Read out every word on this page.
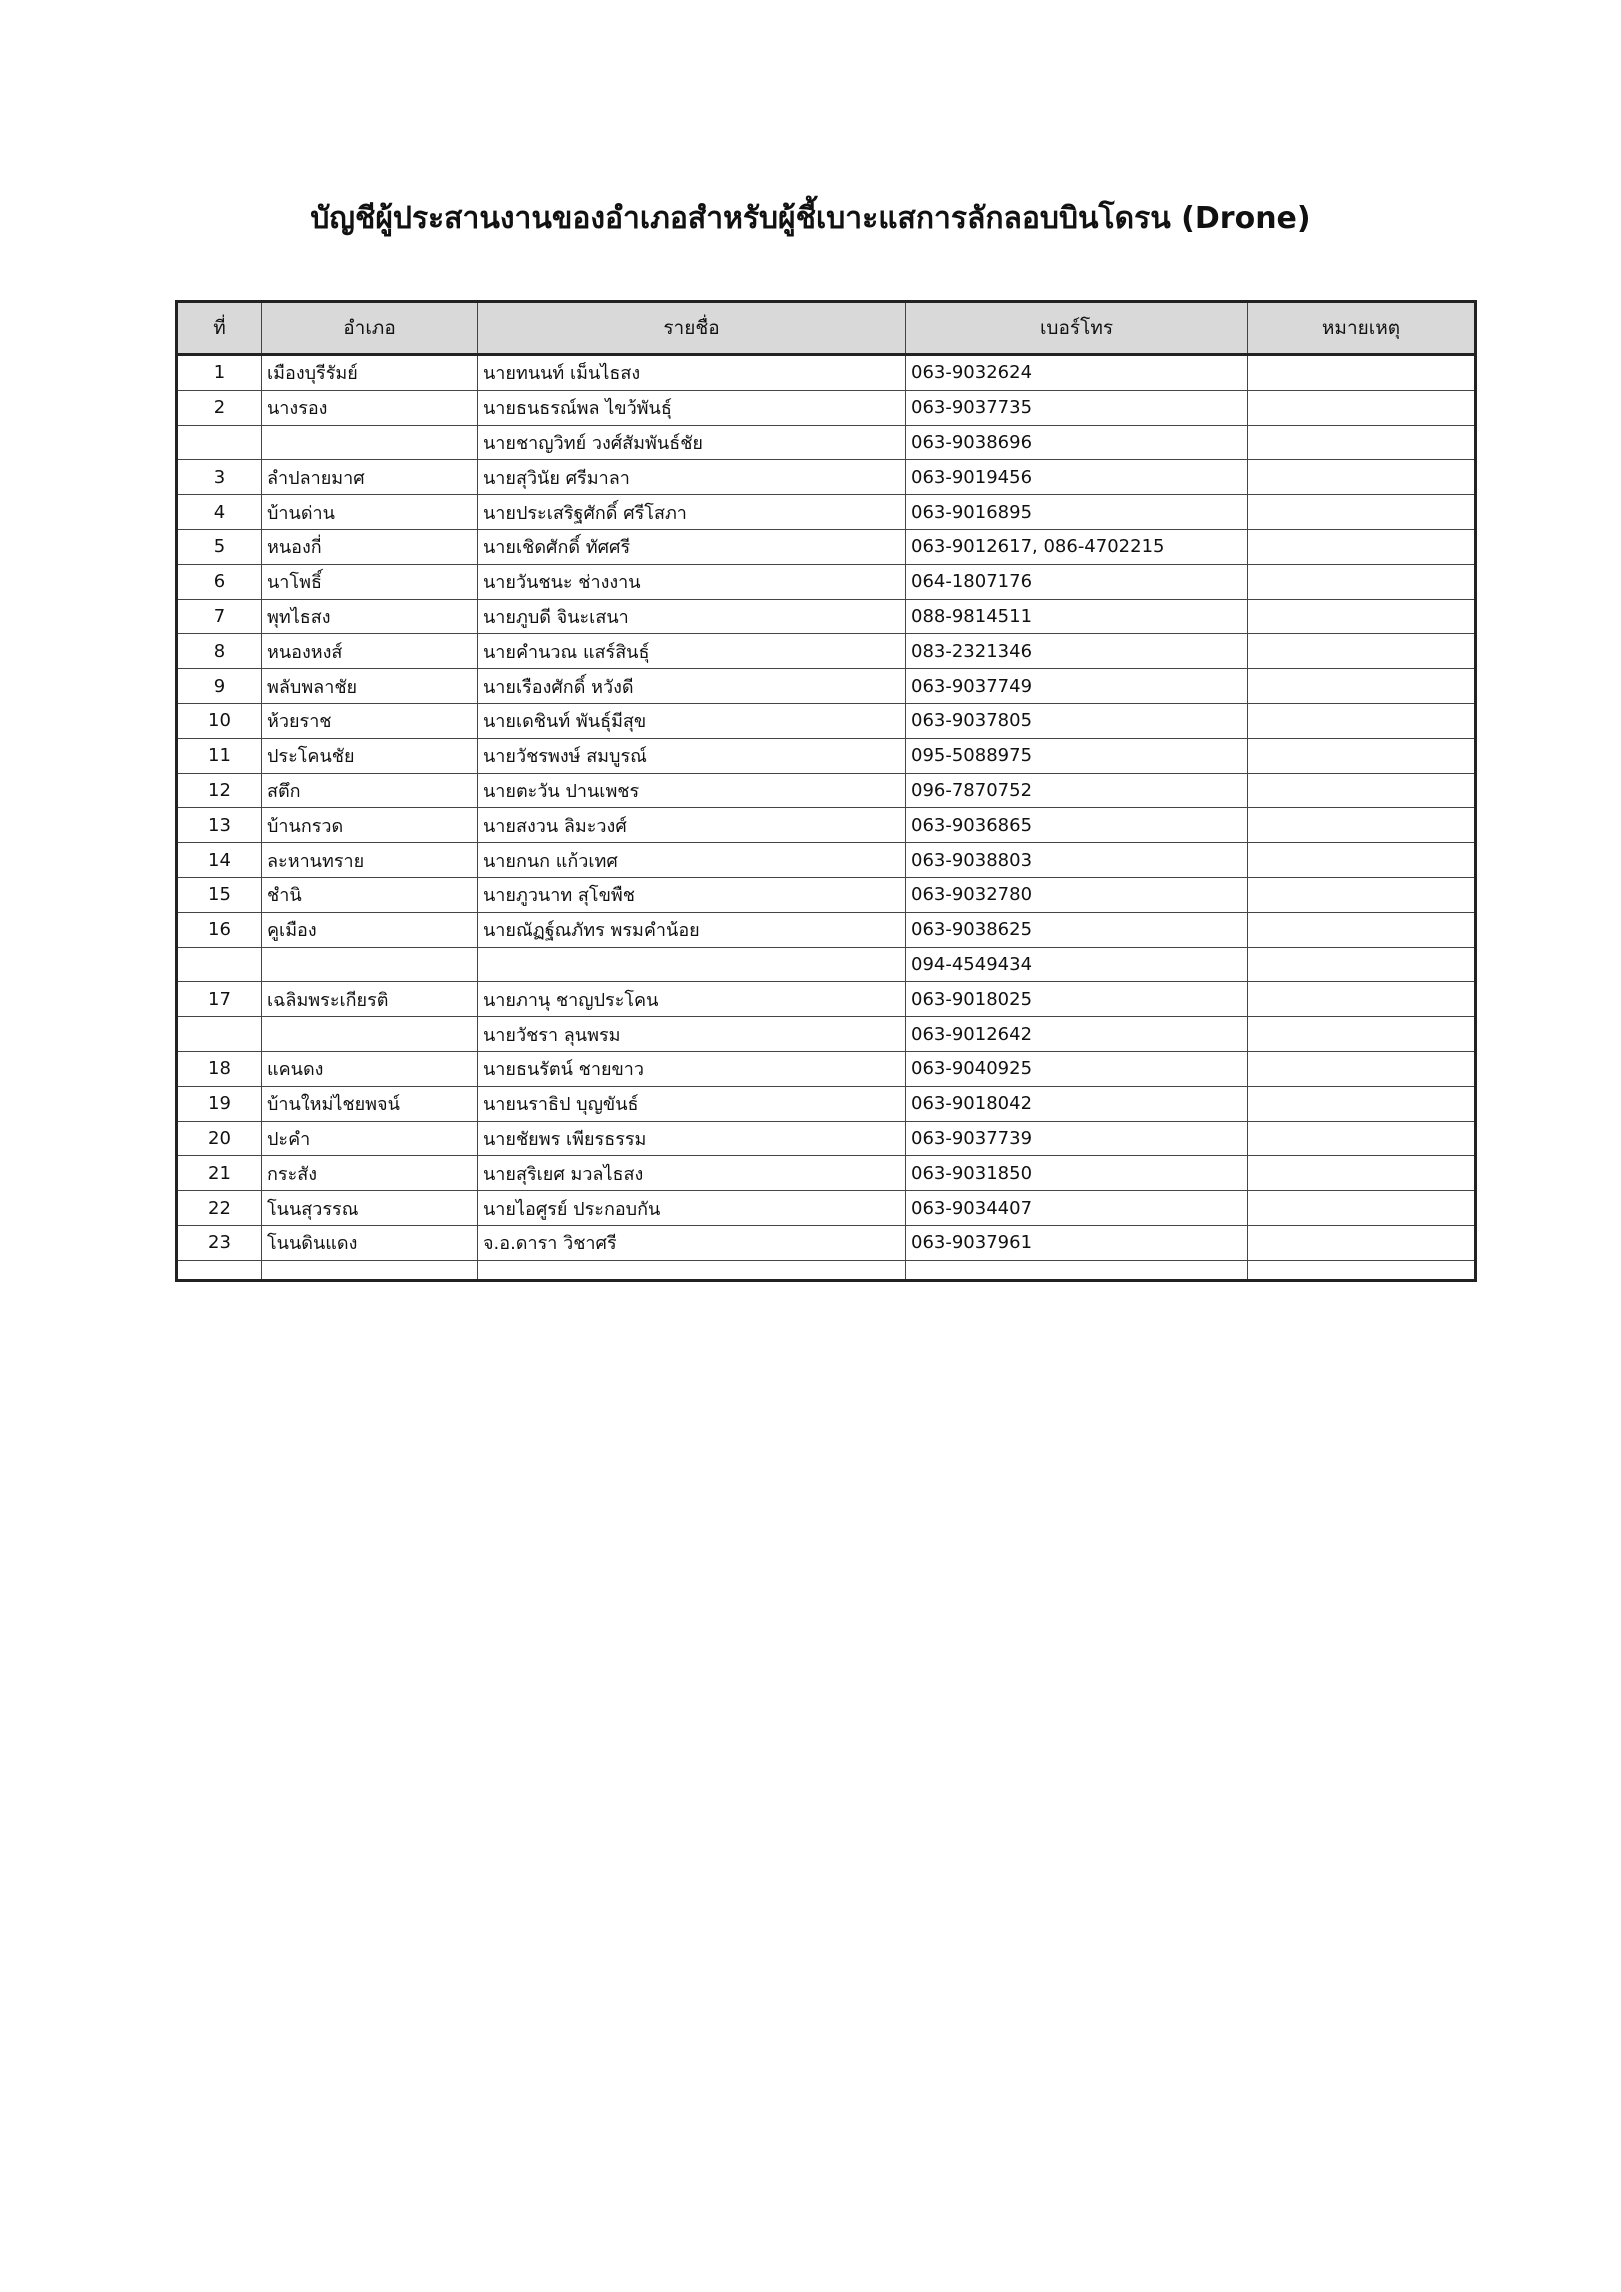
บัญชีผู้ประสานงานของอำเภอสำหรับผู้ชี้เบาะแสการลักลอบบินโดรน (Drone)
ที่	อำเภอ	รายชื่อ	เบอร์โทร	หมายเหตุ
1	เมืองบุรีรัมย์	นายทนนท์ เม็นไธสง	063-9032624	
2	นางรอง	นายธนธรณ์พล ไขว้พันธุ์	063-9037735	
		นายชาญวิทย์ วงศ์สัมพันธ์ชัย	063-9038696	
3	ลำปลายมาศ	นายสุวินัย ศรีมาลา	063-9019456	
4	บ้านด่าน	นายประเสริฐศักดิ์ ศรีโสภา	063-9016895	
5	หนองกี่	นายเชิดศักดิ์ ทัศศรี	063-9012617, 086-4702215	
6	นาโพธิ์	นายวันชนะ ช่างงาน	064-1807176	
7	พุทไธสง	นายภูบดี จินะเสนา	088-9814511	
8	หนองหงส์	นายคำนวณ แสร์สินธุ์	083-2321346	
9	พลับพลาชัย	นายเรืองศักดิ์ หวังดี	063-9037749	
10	ห้วยราช	นายเดชินท์ พันธุ์มีสุข	063-9037805	
11	ประโคนชัย	นายวัชรพงษ์ สมบูรณ์	095-5088975	
12	สตึก	นายตะวัน ปานเพชร	096-7870752	
13	บ้านกรวด	นายสงวน ลิมะวงศ์	063-9036865	
14	ละหานทราย	นายกนก แก้วเทศ	063-9038803	
15	ชำนิ	นายภูวนาท สุโขพืช	063-9032780	
16	คูเมือง	นายณัฏฐ์ณภัทร พรมคำน้อย	063-9038625	
			094-4549434	
17	เฉลิมพระเกียรติ	นายภานุ ชาญประโคน	063-9018025	
		นายวัชรา ลุนพรม	063-9012642	
18	แคนดง	นายธนรัตน์ ชายขาว	063-9040925	
19	บ้านใหม่ไชยพจน์	นายนราธิป บุญขันธ์	063-9018042	
20	ปะคำ	นายชัยพร เพียรธรรม	063-9037739	
21	กระสัง	นายสุริเยศ มวลไธสง	063-9031850	
22	โนนสุวรรณ	นายไอศูรย์ ประกอบกัน	063-9034407	
23	โนนดินแดง	จ.อ.ดารา วิชาศรี	063-9037961	
